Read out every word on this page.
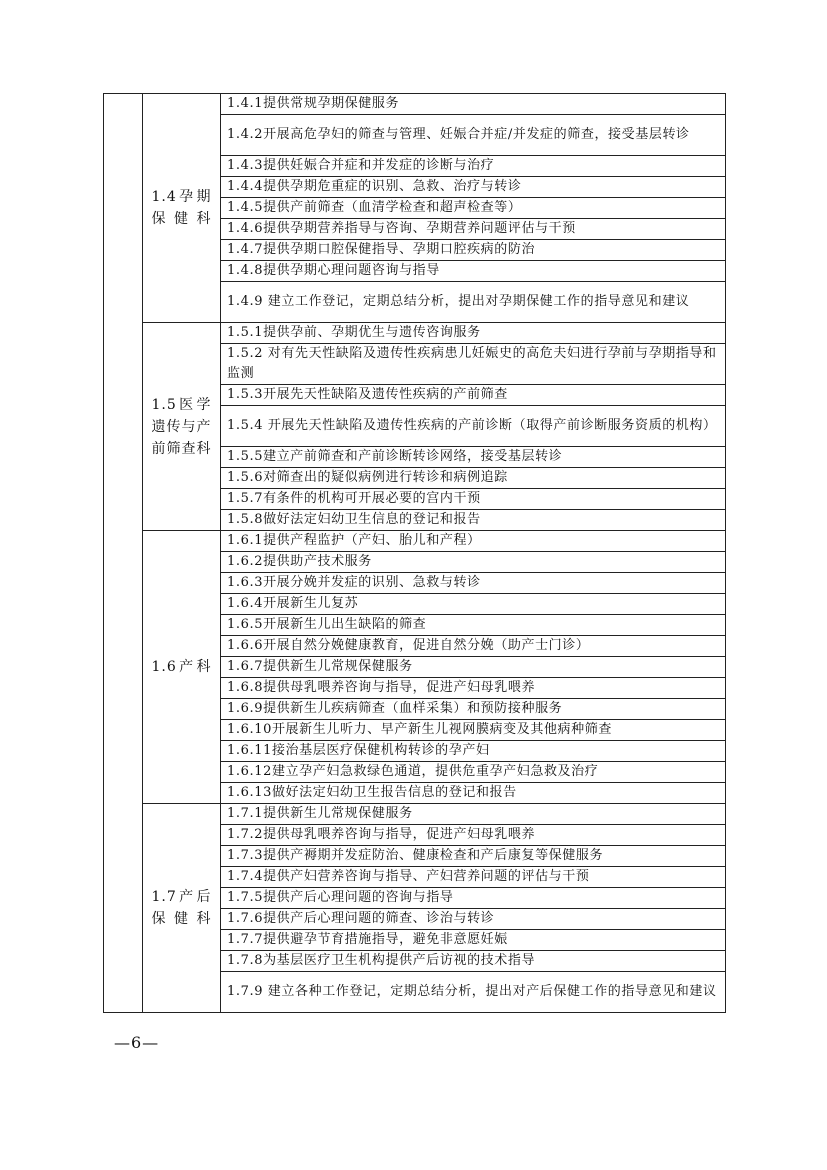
	1.4孕期保健科	1.4.1提供常规孕期保健服务
		1.4.2开展高危孕妇的筛查与管理、妊娠合并症/并发症的筛查，接受基层转诊
		1.4.3提供妊娠合并症和并发症的诊断与治疗
		1.4.4提供孕期危重症的识别、急救、治疗与转诊
		1.4.5提供产前筛查（血清学检查和超声检查等）
		1.4.6提供孕期营养指导与咨询、孕期营养问题评估与干预
		1.4.7提供孕期口腔保健指导、孕期口腔疾病的防治
		1.4.8提供孕期心理问题咨询与指导
		1.4.9 建立工作登记，定期总结分析，提出对孕期保健工作的指导意见和建议
	1.5医学遗传与产前筛查科	1.5.1提供孕前、孕期优生与遗传咨询服务
		1.5.2 对有先天性缺陷及遗传性疾病患儿妊娠史的高危夫妇进行孕前与孕期指导和监测
		1.5.3开展先天性缺陷及遗传性疾病的产前筛查
		1.5.4 开展先天性缺陷及遗传性疾病的产前诊断（取得产前诊断服务资质的机构）
		1.5.5建立产前筛查和产前诊断转诊网络，接受基层转诊
		1.5.6对筛查出的疑似病例进行转诊和病例追踪
		1.5.7有条件的机构可开展必要的宫内干预
		1.5.8做好法定妇幼卫生信息的登记和报告
	1.6产科	1.6.1提供产程监护（产妇、胎儿和产程）
		1.6.2提供助产技术服务
		1.6.3开展分娩并发症的识别、急救与转诊
		1.6.4开展新生儿复苏
		1.6.5开展新生儿出生缺陷的筛查
		1.6.6开展自然分娩健康教育，促进自然分娩（助产士门诊）
		1.6.7提供新生儿常规保健服务
		1.6.8提供母乳喂养咨询与指导，促进产妇母乳喂养
		1.6.9提供新生儿疾病筛查（血样采集）和预防接种服务
		1.6.10开展新生儿听力、早产新生儿视网膜病变及其他病种筛查
		1.6.11接治基层医疗保健机构转诊的孕产妇
		1.6.12建立孕产妇急救绿色通道，提供危重孕产妇急救及治疗
		1.6.13做好法定妇幼卫生报告信息的登记和报告
	1.7产后保健科	1.7.1提供新生儿常规保健服务
		1.7.2提供母乳喂养咨询与指导，促进产妇母乳喂养
		1.7.3提供产褥期并发症防治、健康检查和产后康复等保健服务
		1.7.4提供产妇营养咨询与指导、产妇营养问题的评估与干预
		1.7.5提供产后心理问题的咨询与指导
		1.7.6提供产后心理问题的筛查、诊治与转诊
		1.7.7提供避孕节育措施指导，避免非意愿妊娠
		1.7.8为基层医疗卫生机构提供产后访视的技术指导
		1.7.9 建立各种工作登记，定期总结分析，提出对产后保健工作的指导意见和建议
—6—
